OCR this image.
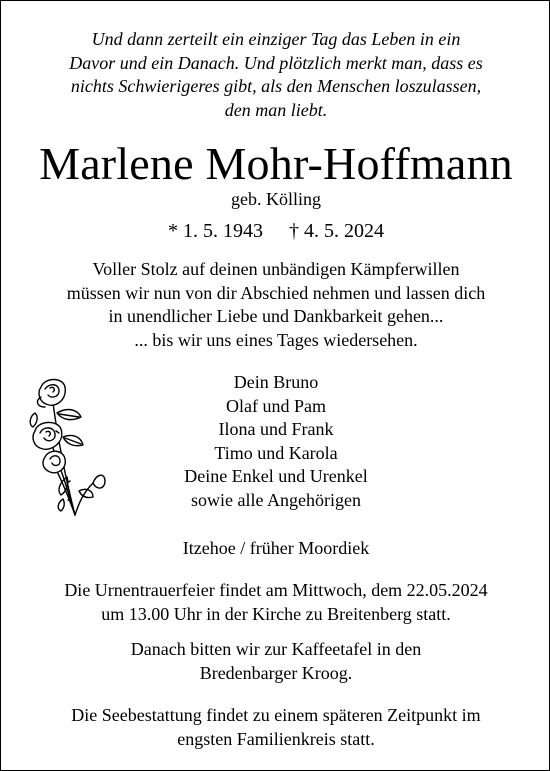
Und dann zerteilt ein einziger Tag das Leben in ein
Davor und ein Danach. Und plötzlich merkt man, dass es
nichts Schwierigeres gibt, als den Menschen loszulassen,
den man liebt.
Marlene Mohr-Hoffmann
geb. Kölling
* 1. 5. 1943 † 4. 5. 2024
Voller Stolz auf deinen unbändigen Kämpferwillen
müssen wir nun von dir Abschied nehmen und lassen dich
in unendlicher Liebe und Dankbarkeit gehen...
... bis wir uns eines Tages wiedersehen.
Dein Bruno
Olaf und Pam
Ilona und Frank
Timo und Karola
Deine Enkel und Urenkel
sowie alle Angehörigen
Itzehoe / früher Moordiek
Die Urnentrauerfeier findet am Mittwoch, dem 22.05.2024
um 13.00 Uhr in der Kirche zu Breitenberg statt.
Danach bitten wir zur Kaffeetafel in den
Bredenbarger Kroog.
Die Seebestattung findet zu einem späteren Zeitpunkt im
engsten Familienkreis statt.
